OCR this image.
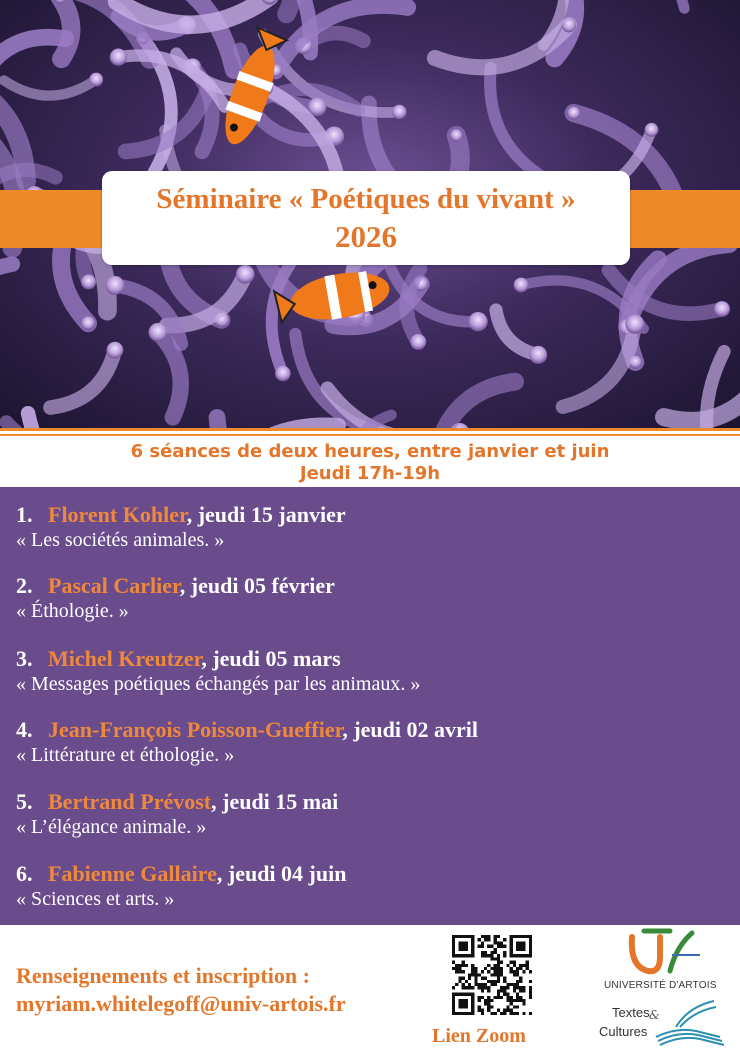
Séminaire « Poétiques du vivant »
2026
6 séances de deux heures, entre janvier et juin
Jeudi 17h-19h
1. Florent Kohler, jeudi 15 janvier
« Les sociétés animales. »
2. Pascal Carlier, jeudi 05 février
« Éthologie. »
3. Michel Kreutzer, jeudi 05 mars
« Messages poétiques échangés par les animaux. »
4. Jean-François Poisson-Gueffier, jeudi 02 avril
« Littérature et éthologie. »
5. Bertrand Prévost, jeudi 15 mai
« L’élégance animale. »
6. Fabienne Gallaire, jeudi 04 juin
« Sciences et arts. »
Renseignements et inscription :
myriam.whitelegoff@univ-artois.fr
Lien Zoom
UNIVERSITÉ D'ARTOIS
&
Textes
Cultures
